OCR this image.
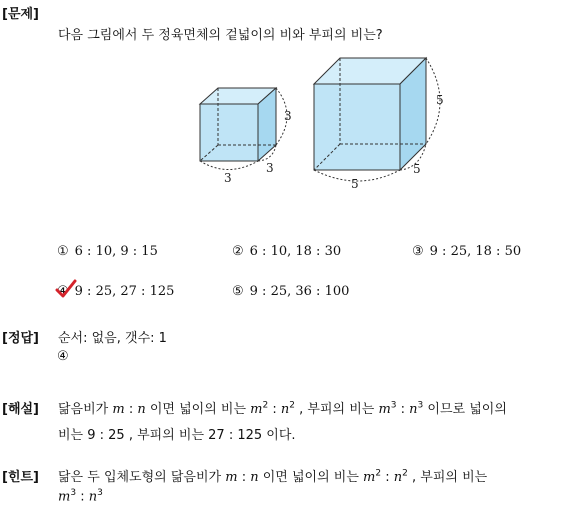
[문제]
다음 그림에서 두 정육면체의 겉넓이의 비와 부피의 비는?
3
3
3
5
5
5
① 6 : 10, 9 : 15	② 6 : 10, 18 : 30	③ 9 : 25, 18 : 50
④ 9 : 25, 27 : 125	⑤ 9 : 25, 36 : 100
[정답] 순서: 없음, 갯수: 1
④
[해설] 닮음비가 m : n 이면 넓이의 비는 $m^2$ : $n^2$ , 부피의 비는 $m^3$ : $n^3$ 이므로 넓이의
비는 9 : 25 , 부피의 비는 27 : 125 이다.
[힌트] 닮은 두 입체도형의 닮음비가 m : n 이면 넓이의 비는 $m^2$ : $n^2$ , 부피의 비는
$m^3$ : $n^3$
